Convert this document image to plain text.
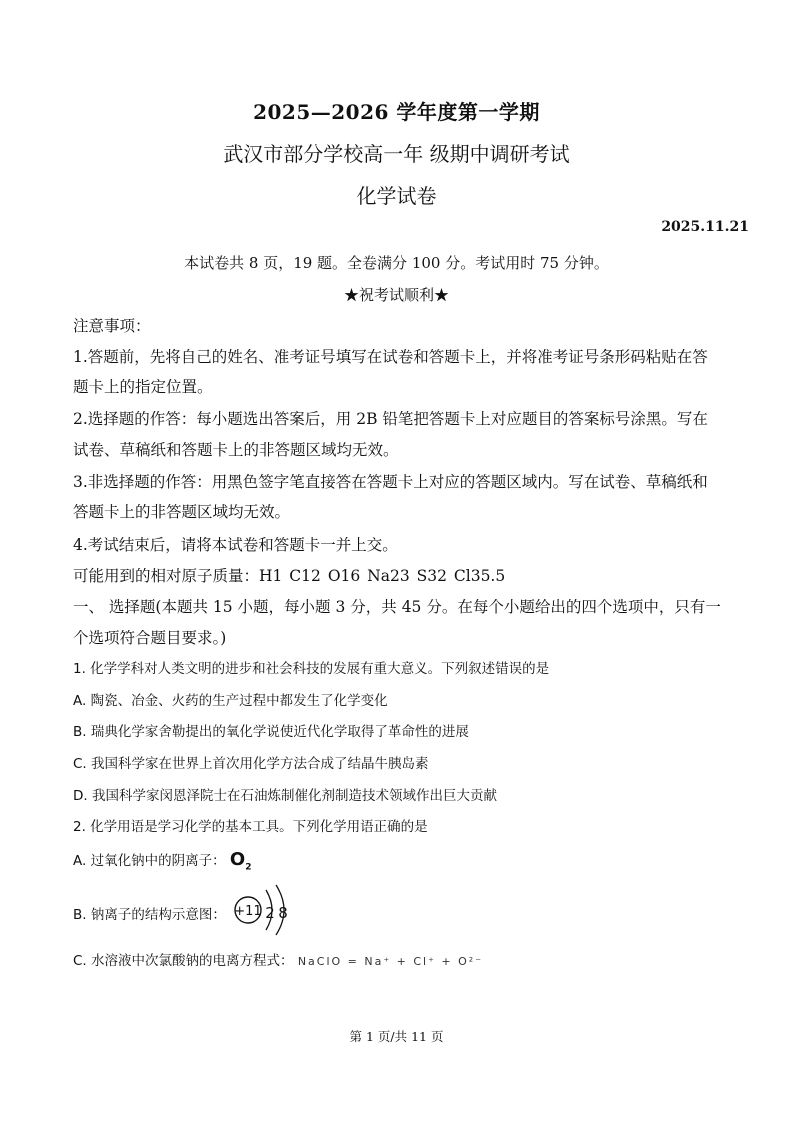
2025—2026 学年度第一学期
武汉市部分学校高一年 级期中调研考试
化学试卷
2025.11.21
本试卷共 8 页，19 题。全卷满分 100 分。考试用时 75 分钟。
★祝考试顺利★
注意事项：
1.答题前，先将自己的姓名、准考证号填写在试卷和答题卡上，并将准考证号条形码粘贴在答
题卡上的指定位置。
2.选择题的作答：每小题选出答案后，用 2B 铅笔把答题卡上对应题目的答案标号涂黑。写在
试卷、草稿纸和答题卡上的非答题区域均无效。
3.非选择题的作答：用黑色签字笔直接答在答题卡上对应的答题区域内。写在试卷、草稿纸和
答题卡上的非答题区域均无效。
4.考试结束后，请将本试卷和答题卡一并上交。
可能用到的相对原子质量：H1 C12 O16 Na23 S32 Cl35.5
一、 选择题(本题共 15 小题，每小题 3 分，共 45 分。在每个小题给出的四个选项中，只有一
个选项符合题目要求。)
1. 化学学科对人类文明的进步和社会科技的发展有重大意义。下列叙述错误的是
A. 陶瓷、冶金、火药的生产过程中都发生了化学变化
B. 瑞典化学家舍勒提出的氧化学说使近代化学取得了革命性的进展
C. 我国科学家在世界上首次用化学方法合成了结晶牛胰岛素
D. 我国科学家闵恩泽院士在石油炼制催化剂制造技术领域作出巨大贡献
2. 化学用语是学习化学的基本工具。下列化学用语正确的是
A. 过氧化钠中的阴离子： $O_2$
B. 钠离子的结构示意图： +11 2 8
C. 水溶液中次氯酸钠的电离方程式： NaClO = Na⁺ + Cl⁺ + O²⁻
第 1 页/共 11 页
